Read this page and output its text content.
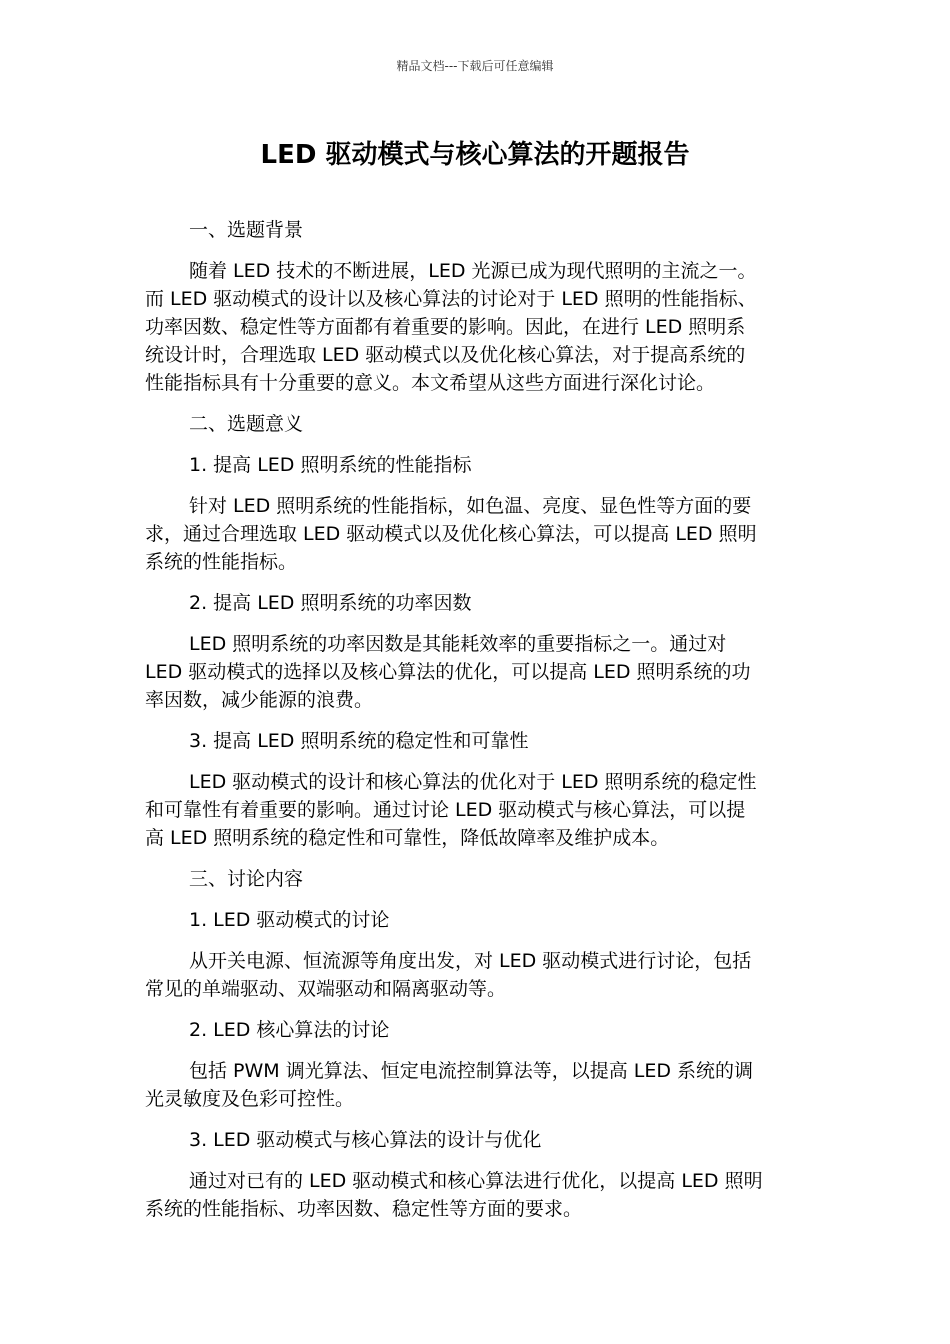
精品文档---下载后可任意编辑
LED 驱动模式与核心算法的开题报告
一、选题背景
随着 LED 技术的不断进展，LED 光源已成为现代照明的主流之一。
而 LED 驱动模式的设计以及核心算法的讨论对于 LED 照明的性能指标、
功率因数、稳定性等方面都有着重要的影响。因此，在进行 LED 照明系
统设计时，合理选取 LED 驱动模式以及优化核心算法，对于提高系统的
性能指标具有十分重要的意义。本文希望从这些方面进行深化讨论。
二、选题意义
1. 提高 LED 照明系统的性能指标
针对 LED 照明系统的性能指标，如色温、亮度、显色性等方面的要
求，通过合理选取 LED 驱动模式以及优化核心算法，可以提高 LED 照明
系统的性能指标。
2. 提高 LED 照明系统的功率因数
LED 照明系统的功率因数是其能耗效率的重要指标之一。通过对
LED 驱动模式的选择以及核心算法的优化，可以提高 LED 照明系统的功
率因数，减少能源的浪费。
3. 提高 LED 照明系统的稳定性和可靠性
LED 驱动模式的设计和核心算法的优化对于 LED 照明系统的稳定性
和可靠性有着重要的影响。通过讨论 LED 驱动模式与核心算法，可以提
高 LED 照明系统的稳定性和可靠性，降低故障率及维护成本。
三、讨论内容
1. LED 驱动模式的讨论
从开关电源、恒流源等角度出发，对 LED 驱动模式进行讨论，包括
常见的单端驱动、双端驱动和隔离驱动等。
2. LED 核心算法的讨论
包括 PWM 调光算法、恒定电流控制算法等，以提高 LED 系统的调
光灵敏度及色彩可控性。
3. LED 驱动模式与核心算法的设计与优化
通过对已有的 LED 驱动模式和核心算法进行优化，以提高 LED 照明
系统的性能指标、功率因数、稳定性等方面的要求。
